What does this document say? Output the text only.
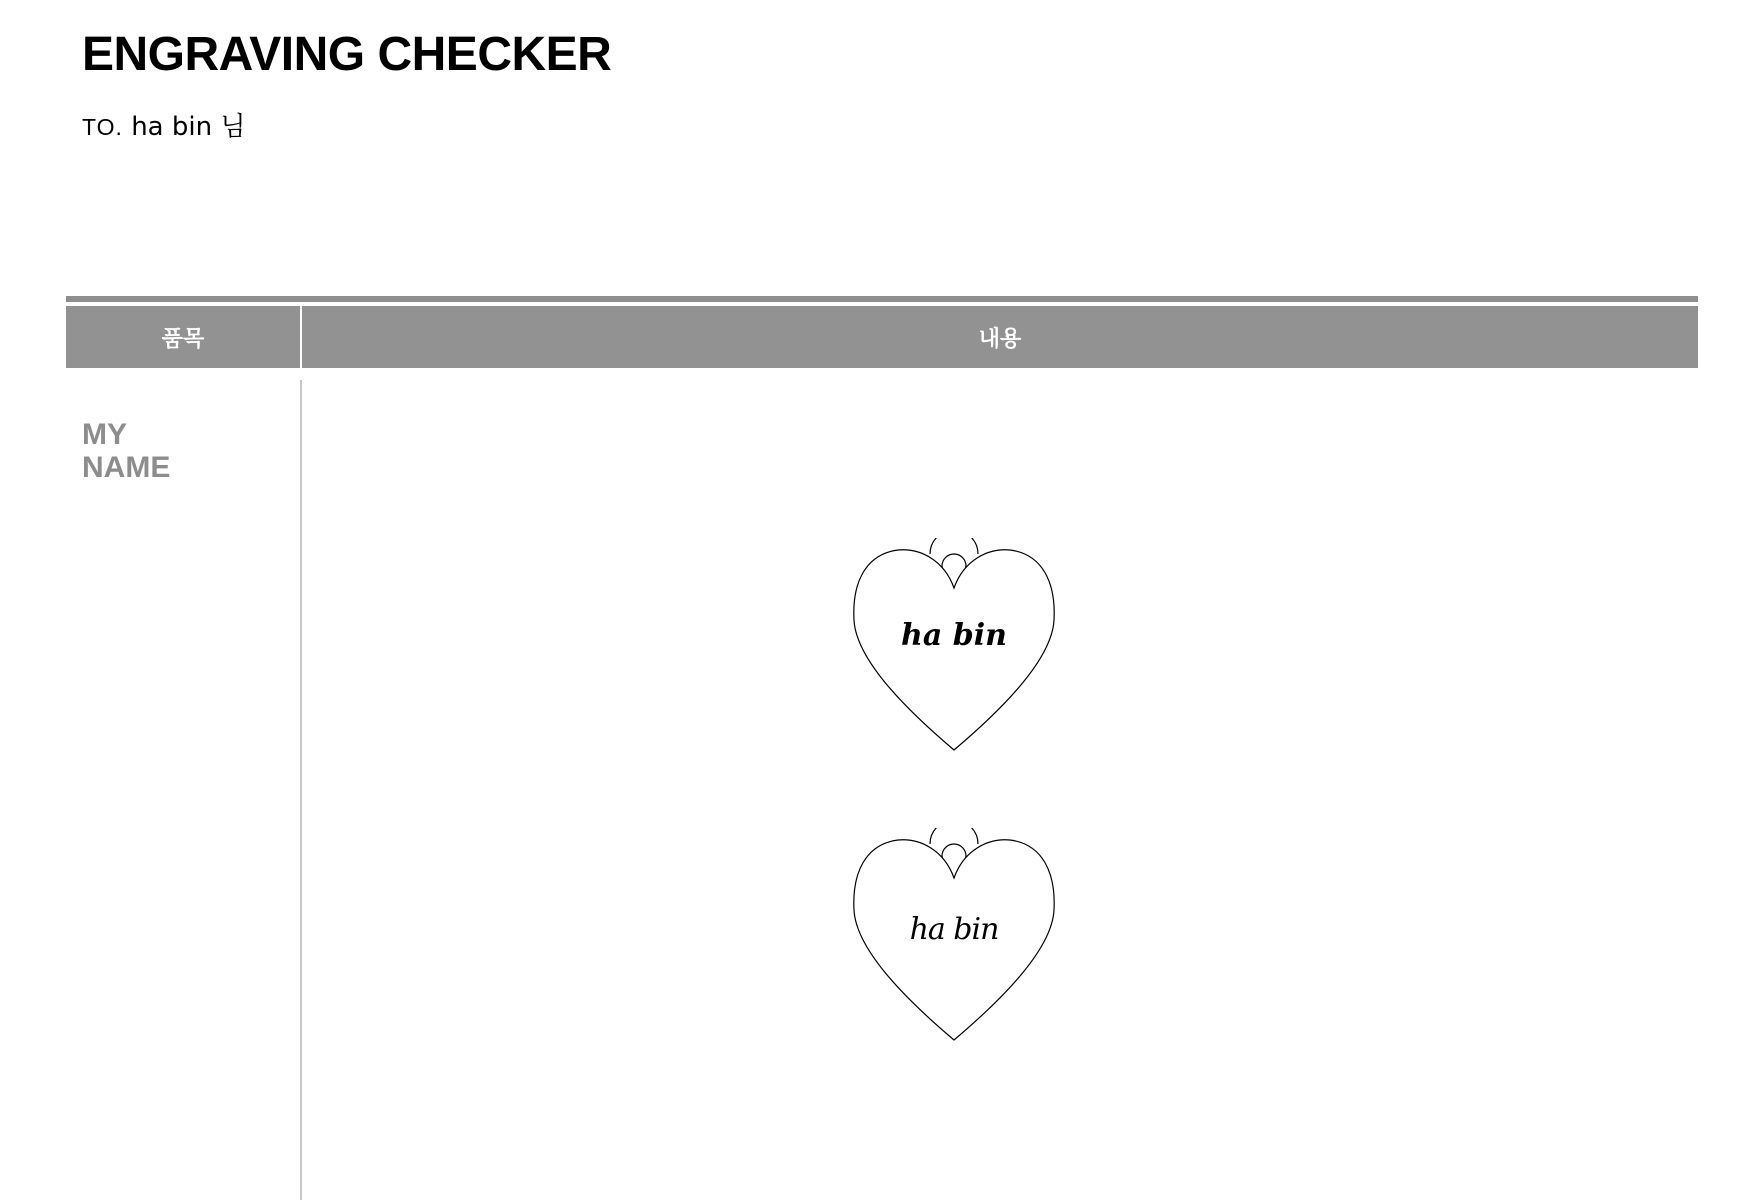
ENGRAVING CHECKER
TO. ha bin 님
품목	내용
MY
NAME
ha bin
ha bin
